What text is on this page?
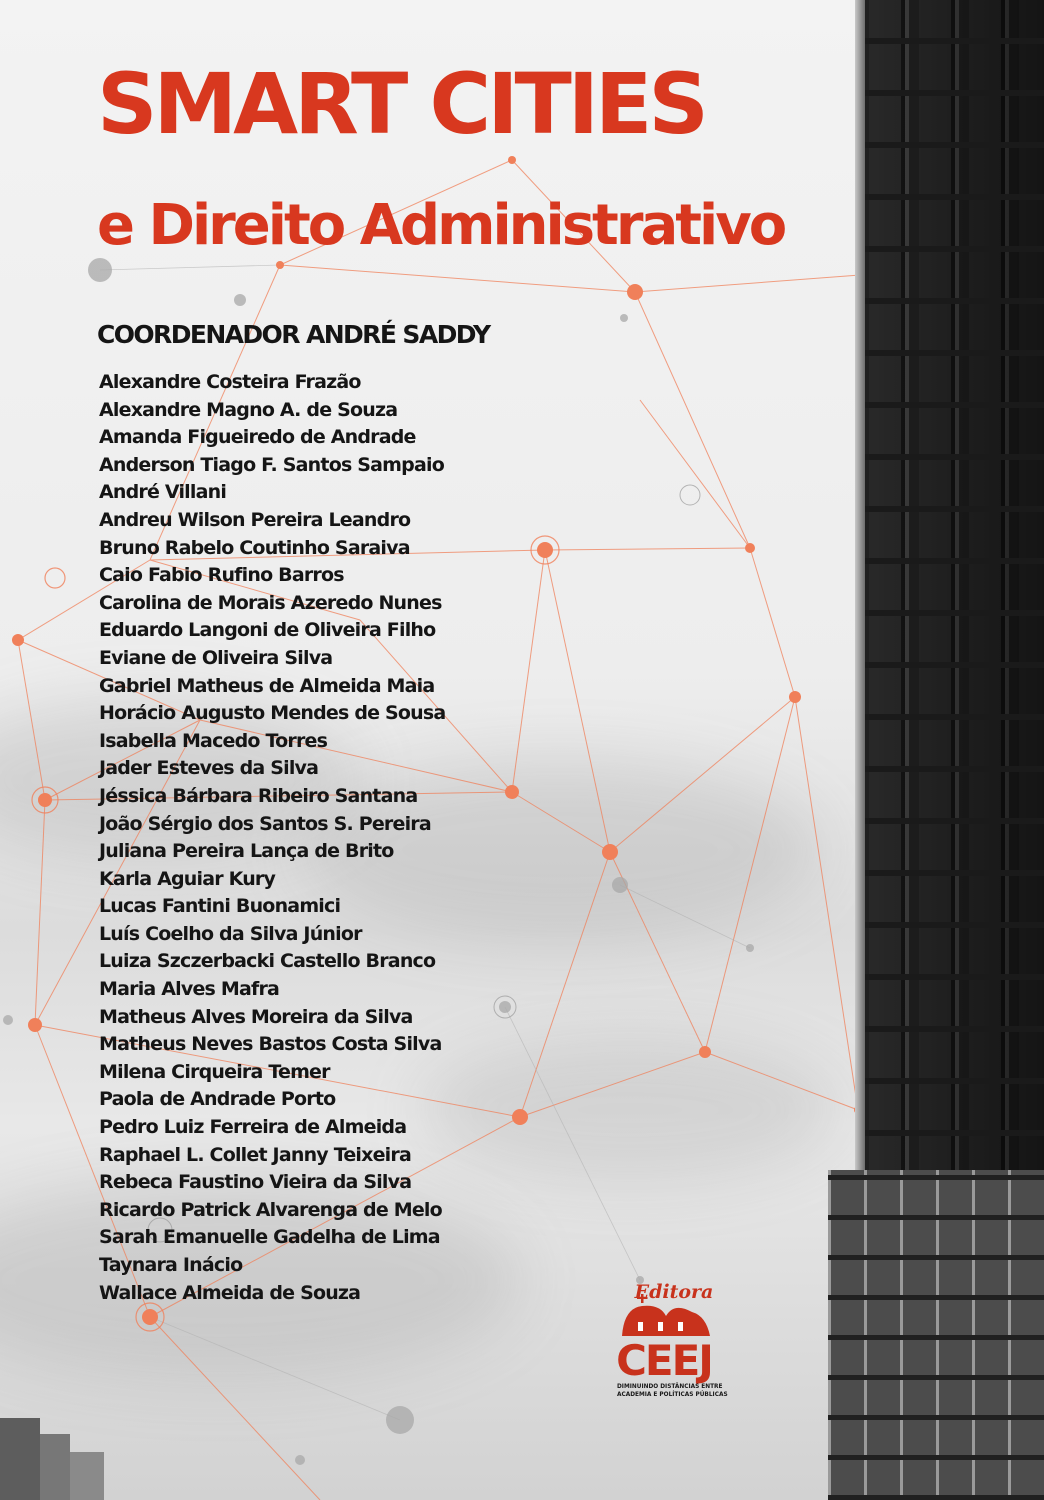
SMART CITIES
e Direito Administrativo
COORDENADOR ANDRÉ SADDY
Alexandre Costeira Frazão
Alexandre Magno A. de Souza
Amanda Figueiredo de Andrade
Anderson Tiago F. Santos Sampaio
André Villani
Andreu Wilson Pereira Leandro
Bruno Rabelo Coutinho Saraiva
Caio Fabio Rufino Barros
Carolina de Morais Azeredo Nunes
Eduardo Langoni de Oliveira Filho
Eviane de Oliveira Silva
Gabriel Matheus de Almeida Maia
Horácio Augusto Mendes de Sousa
Isabella Macedo Torres
Jader Esteves da Silva
Jéssica Bárbara Ribeiro Santana
João Sérgio dos Santos S. Pereira
Juliana Pereira Lança de Brito
Karla Aguiar Kury
Lucas Fantini Buonamici
Luís Coelho da Silva Júnior
Luiza Szczerbacki Castello Branco
Maria Alves Mafra
Matheus Alves Moreira da Silva
Matheus Neves Bastos Costa Silva
Milena Cirqueira Temer
Paola de Andrade Porto
Pedro Luiz Ferreira de Almeida
Raphael L. Collet Janny Teixeira
Rebeca Faustino Vieira da Silva
Ricardo Patrick Alvarenga de Melo
Sarah Emanuelle Gadelha de Lima
Taynara Inácio
Wallace Almeida de Souza	Editora
CEEJ
DIMINUINDO DISTÂNCIAS ENTRE
ACADEMIA E POLÍTICAS PÚBLICAS
